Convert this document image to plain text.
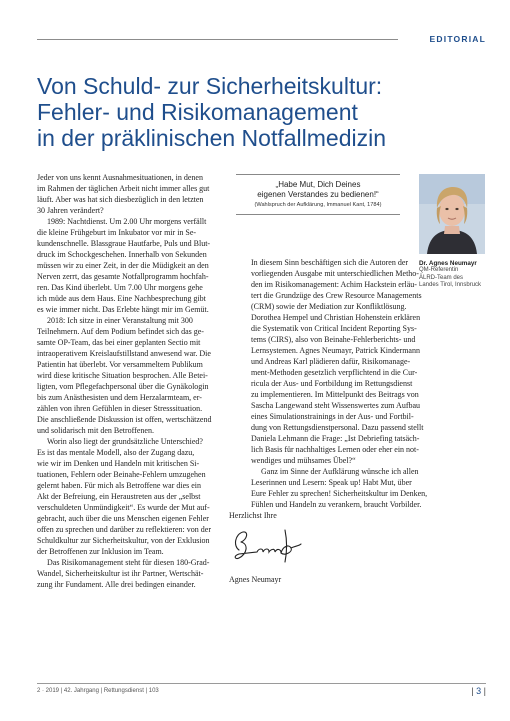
EDITORIAL
Von Schuld- zur Sicherheitskultur:
Fehler- und Risikomanagement
in der präklinischen Notfallmedizin

Jeder von uns kennt Ausnahmesituationen, in denen

im Rahmen der täglichen Arbeit nicht immer alles gut

läuft. Aber was hat sich diesbezüglich in den letzten

30 Jahren verändert?

1989: Nachtdienst. Um 2.00 Uhr morgens verfällt

die kleine Frühgeburt im Inkubator vor mir in Se-

kundenschnelle. Blassgraue Hautfarbe, Puls und Blut-

druck im Schockgeschehen. Innerhalb von Sekunden

müssen wir zu einer Zeit, in der die Müdigkeit an den

Nerven zerrt, das gesamte Notfallprogramm hochfah-

ren. Das Kind überlebt. Um 7.00 Uhr morgens gehe

ich müde aus dem Haus. Eine Nachbesprechung gibt

es wie immer nicht. Das Erlebte hängt mir im Gemüt.

2018: Ich sitze in einer Veranstaltung mit 300

Teilnehmern. Auf dem Podium befindet sich das ge-

samte OP-Team, das bei einer geplanten Sectio mit

intraoperativem Kreislaufstillstand anwesend war. Die

Patientin hat überlebt. Vor versammeltem Publikum

wird diese kritische Situation besprochen. Alle Betei-

ligten, vom Pflegefachpersonal über die Gynäkologin

bis zum Anästhesisten und dem Herzalarmteam, er-

zählen von ihren Gefühlen in dieser Stresssituation.

Die anschließende Diskussion ist offen, wertschätzend

und solidarisch mit den Betroffenen.

Worin also liegt der grundsätzliche Unterschied?

Es ist das mentale Modell, also der Zugang dazu,

wie wir im Denken und Handeln mit kritischen Si-

tuationen, Fehlern oder Beinahe-Fehlern umzugehen

gelernt haben. Für mich als Betroffene war dies ein

Akt der Befreiung, ein Heraustreten aus der „selbst

verschuldeten Unmündigkeit“. Es wurde der Mut auf-

gebracht, auch über die uns Menschen eigenen Fehler

offen zu sprechen und darüber zu reflektieren: von der

Schuldkultur zur Sicherheitskultur, von der Exklusion

der Betroffenen zur Inklusion im Team.

Das Risikomanagement steht für diesen 180-Grad-

Wandel, Sicherheitskultur ist ihr Partner, Wertschät-

zung ihr Fundament. Alle drei bedingen einander.

„Habe Mut, Dich Deines
eigenen Verstandes zu bedienen!“
(Wahlspruch der Aufklärung, Immanuel Kant, 1784)
Dr. Agnes Neumayr
QM-Referentin
ÄLRD-Team des
Landes Tirol, Innsbruck

In diesem Sinn beschäftigen sich die Autoren der

vorliegenden Ausgabe mit unterschiedlichen Metho-

den im Risikomanagement: Achim Hackstein erläu-

tert die Grundzüge des Crew Resource Managements

(CRM) sowie der Mediation zur Konfliktlösung.

Dorothea Hempel und Christian Hohenstein erklären

die Systematik von Critical Incident Reporting Sys-

tems (CIRS), also von Beinahe-Fehlerberichts- und

Lernsystemen. Agnes Neumayr, Patrick Kindermann

und Andreas Karl plädieren dafür, Risikomanage-

ment-Methoden gesetzlich verpflichtend in die Cur-

ricula der Aus- und Fortbildung im Rettungsdienst

zu implementieren. Im Mittelpunkt des Beitrags von

Sascha Langewand steht Wissenswertes zum Aufbau

eines Simulationstrainings in der Aus- und Fortbil-

dung von Rettungsdienstpersonal. Dazu passend stellt

Daniela Lehmann die Frage: „Ist Debriefing tatsäch-

lich Basis für nachhaltiges Lernen oder eher ein not-

wendiges und mühsames Übel?“

Ganz im Sinne der Aufklärung wünsche ich allen

Leserinnen und Lesern: Speak up! Habt Mut, über

Eure Fehler zu sprechen! Sicherheitskultur im Denken,

Fühlen und Handeln zu verankern, braucht Vorbilder.

Herzlichst Ihre
Agnes Neumayr
2 · 2019 | 42. Jahrgang | Rettungsdienst | 103	| 3 |
